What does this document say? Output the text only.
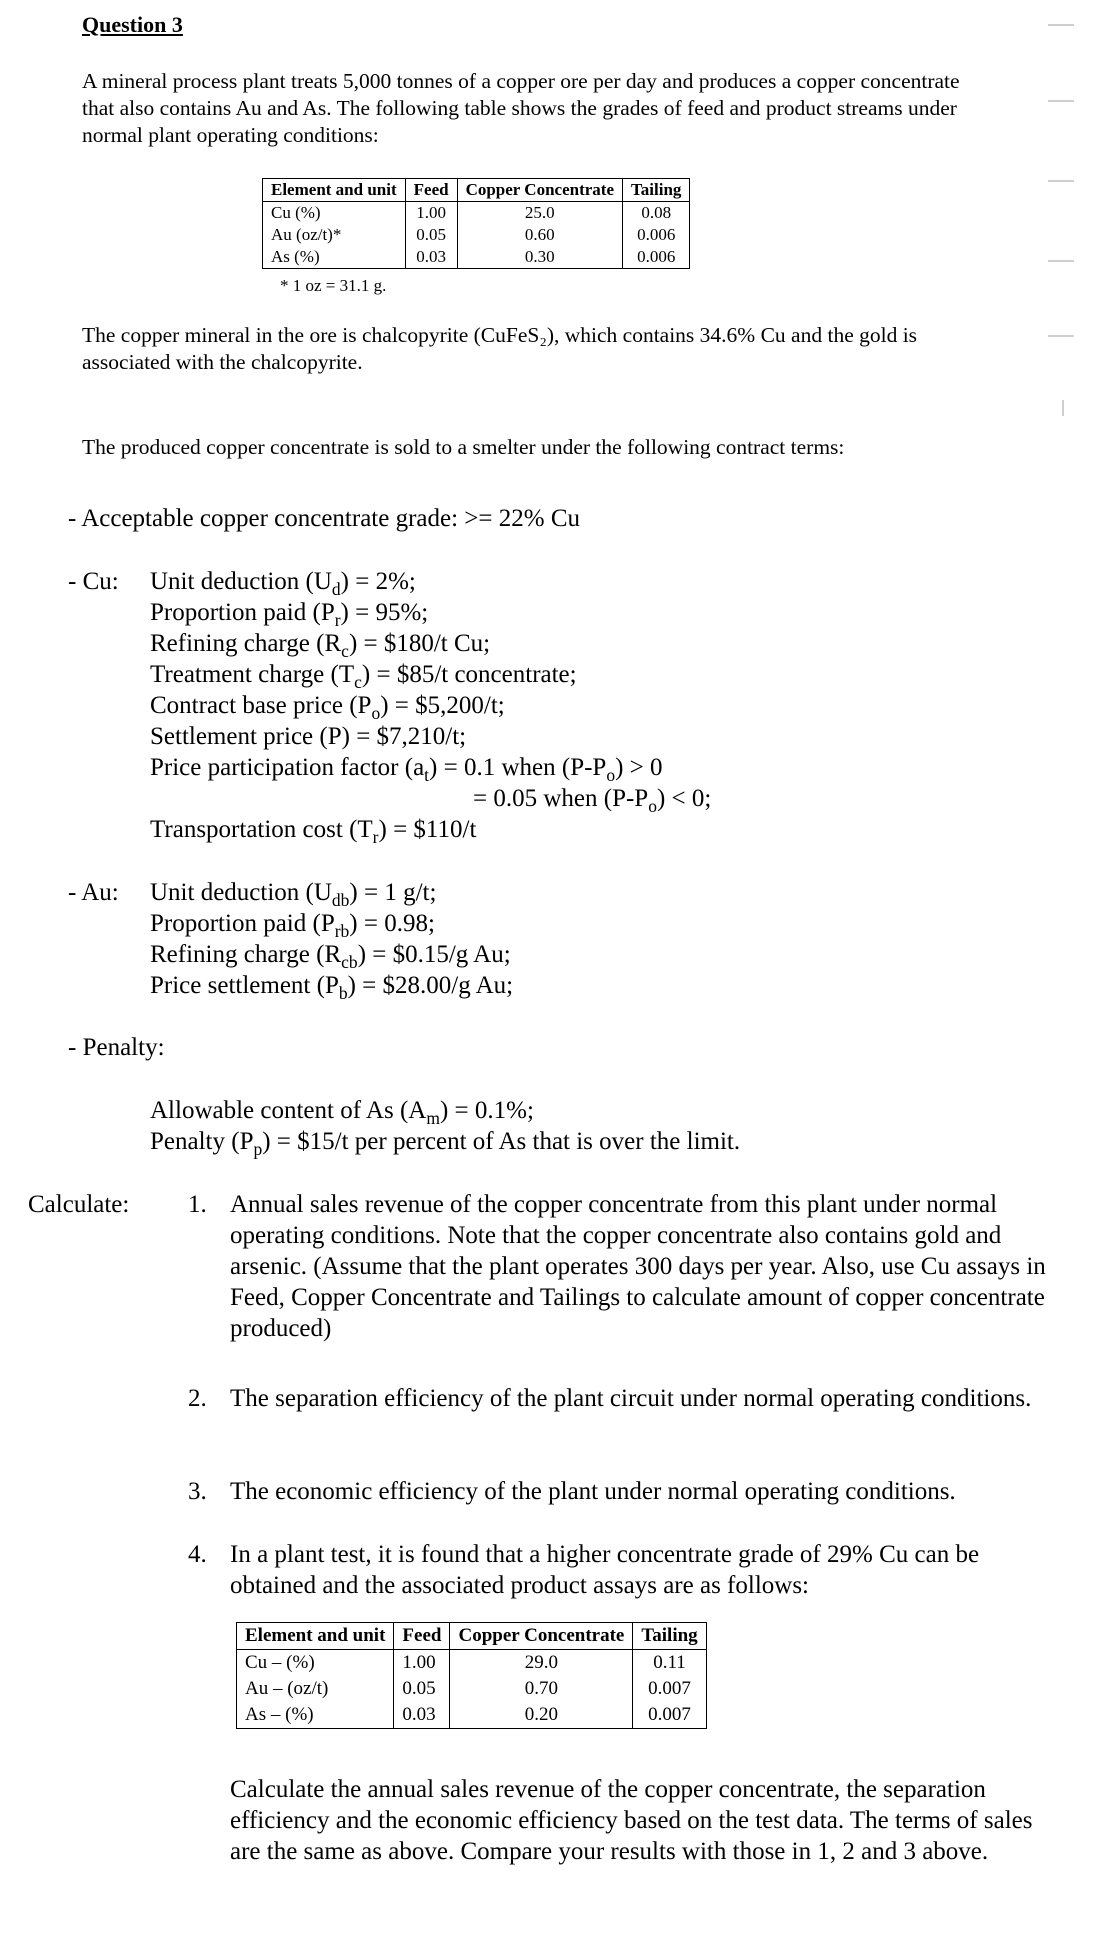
Question 3
A mineral process plant treats 5,000 tonnes of a copper ore per day and produces a copper concentrate that also contains Au and As. The following table shows the grades of feed and product streams under normal plant operating conditions:
Element and unit	Feed	Copper Concentrate	Tailing
Cu (%)	1.00	25.0	0.08
Au (oz/t)*	0.05	0.60	0.006
As (%)	0.03	0.30	0.006
* 1 oz = 31.1 g.
The copper mineral in the ore is chalcopyrite (CuFeS₂), which contains 34.6% Cu and the gold is associated with the chalcopyrite.
The produced copper concentrate is sold to a smelter under the following contract terms:
- Acceptable copper concentrate grade: >= 22% Cu
- Cu: Unit deduction $(U_d) = 2\%$;
Proportion paid $(P_r) = 95\%$;
Refining charge $(R_c)$ = $180/t Cu;
Treatment charge $(T_c)$ = $85/t concentrate;
Contract base price $(P_o)$ = $5,200/t;
Settlement price (P) = $7,210/t;
Price participation factor $(a_t) = 0.1$ when $(P-P_o) > 0$
= 0.05 when $(P-P_o) < 0$;
Transportation cost $(T_r)$ = $110/t
- Au: Unit deduction $(U_{db}) = 1$ g/t;
Proportion paid $(P_{rb}) = 0.98$;
Refining charge $(R_{cb})$ = $0.15/g Au;
Price settlement $(P_b)$ = $28.00/g Au;
- Penalty:
Allowable content of As $(A_m) = 0.1\%$;
Penalty $(P_p)$ = $15/t per percent of As that is over the limit.
Calculate: 1. Annual sales revenue of the copper concentrate from this plant under normal operating conditions. Note that the copper concentrate also contains gold and arsenic. (Assume that the plant operates 300 days per year. Also, use Cu assays in Feed, Copper Concentrate and Tailings to calculate amount of copper concentrate produced)
2. The separation efficiency of the plant circuit under normal operating conditions.
3. The economic efficiency of the plant under normal operating conditions.
4. In a plant test, it is found that a higher concentrate grade of 29% Cu can be obtained and the associated product assays are as follows:
Element and unit	Feed	Copper Concentrate	Tailing
Cu – (%)	1.00	29.0	0.11
Au – (oz/t)	0.05	0.70	0.007
As – (%)	0.03	0.20	0.007
Calculate the annual sales revenue of the copper concentrate, the separation efficiency and the economic efficiency based on the test data. The terms of sales are the same as above. Compare your results with those in 1, 2 and 3 above.
